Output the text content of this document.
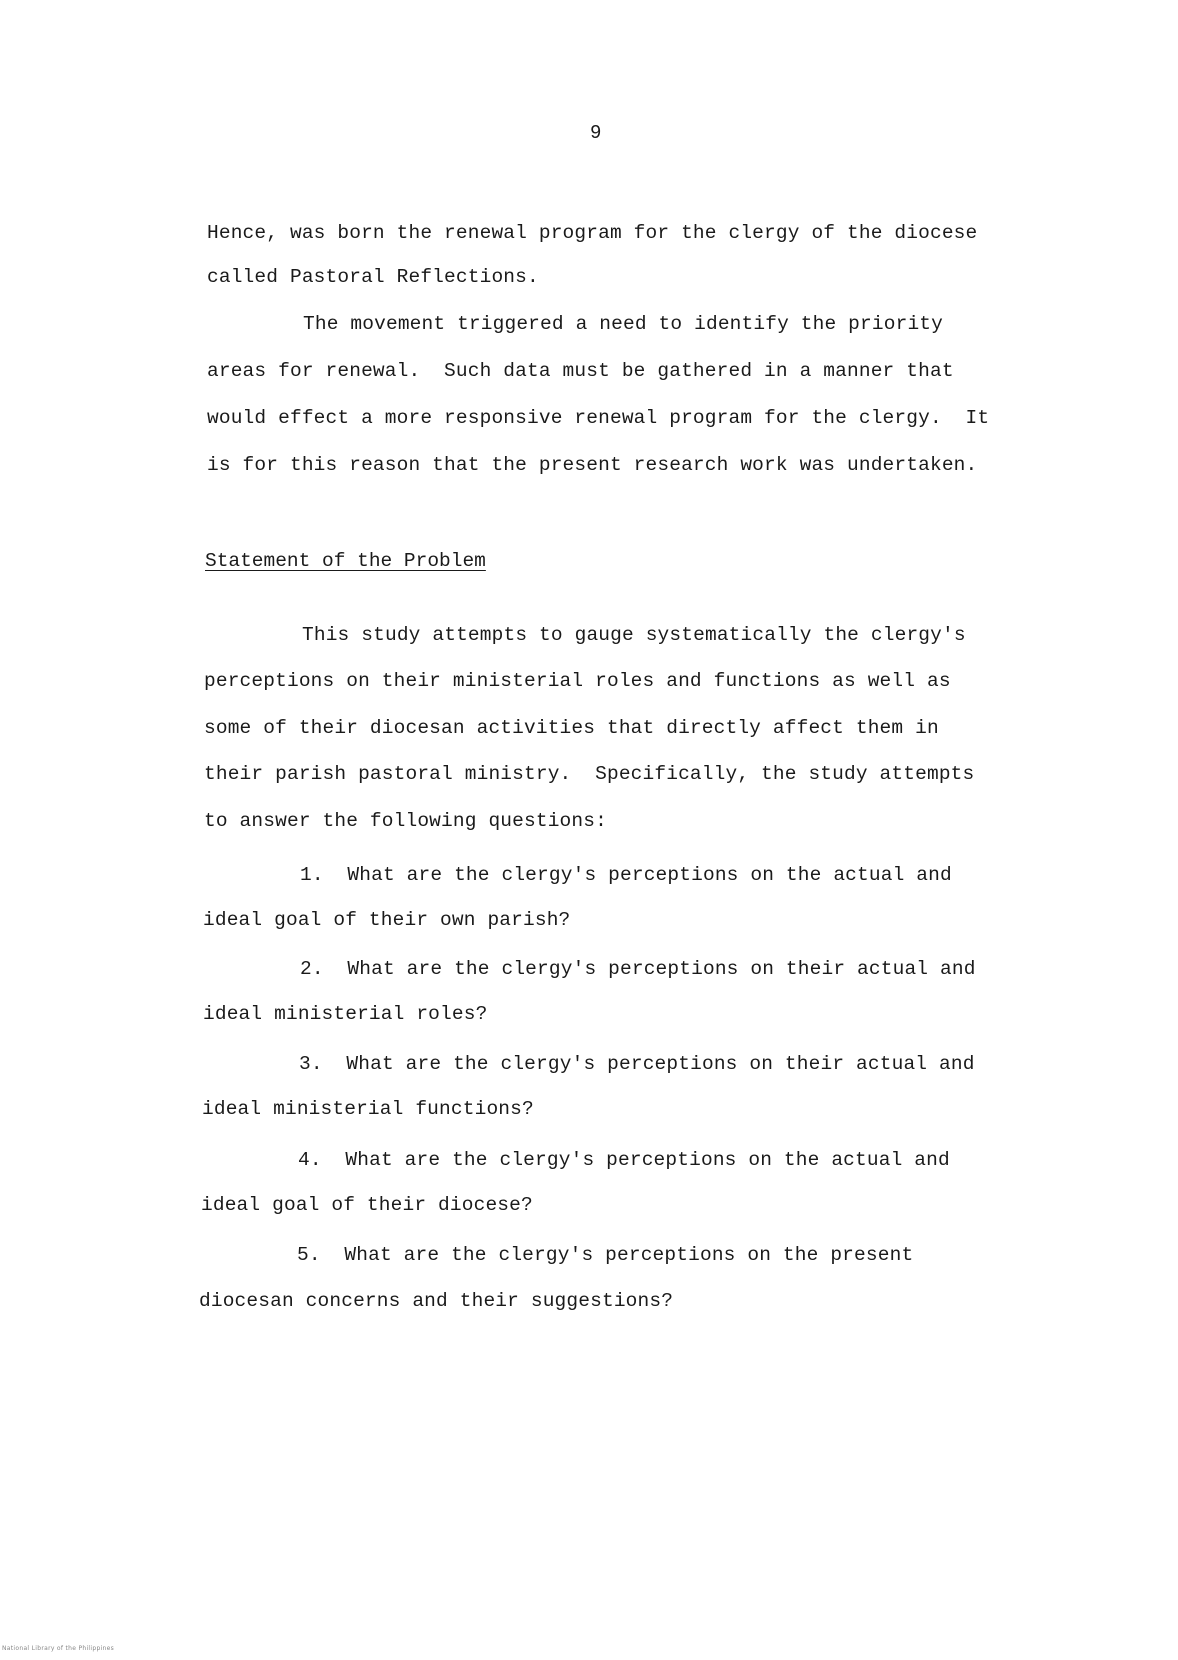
9
Hence, was born the renewal program for the clergy of the diocese
called Pastoral Reflections.
The movement triggered a need to identify the priority
areas for renewal.  Such data must be gathered in a manner that
would effect a more responsive renewal program for the clergy.  It
is for this reason that the present research work was undertaken.
Statement of the Problem
This study attempts to gauge systematically the clergy's
perceptions on their ministerial roles and functions as well as
some of their diocesan activities that directly affect them in
their parish pastoral ministry.  Specifically, the study attempts
to answer the following questions:
1.  What are the clergy's perceptions on the actual and
ideal goal of their own parish?
2.  What are the clergy's perceptions on their actual and
ideal ministerial roles?
3.  What are the clergy's perceptions on their actual and
ideal ministerial functions?
4.  What are the clergy's perceptions on the actual and
ideal goal of their diocese?
5.  What are the clergy's perceptions on the present
diocesan concerns and their suggestions?
National Library of the Philippines
